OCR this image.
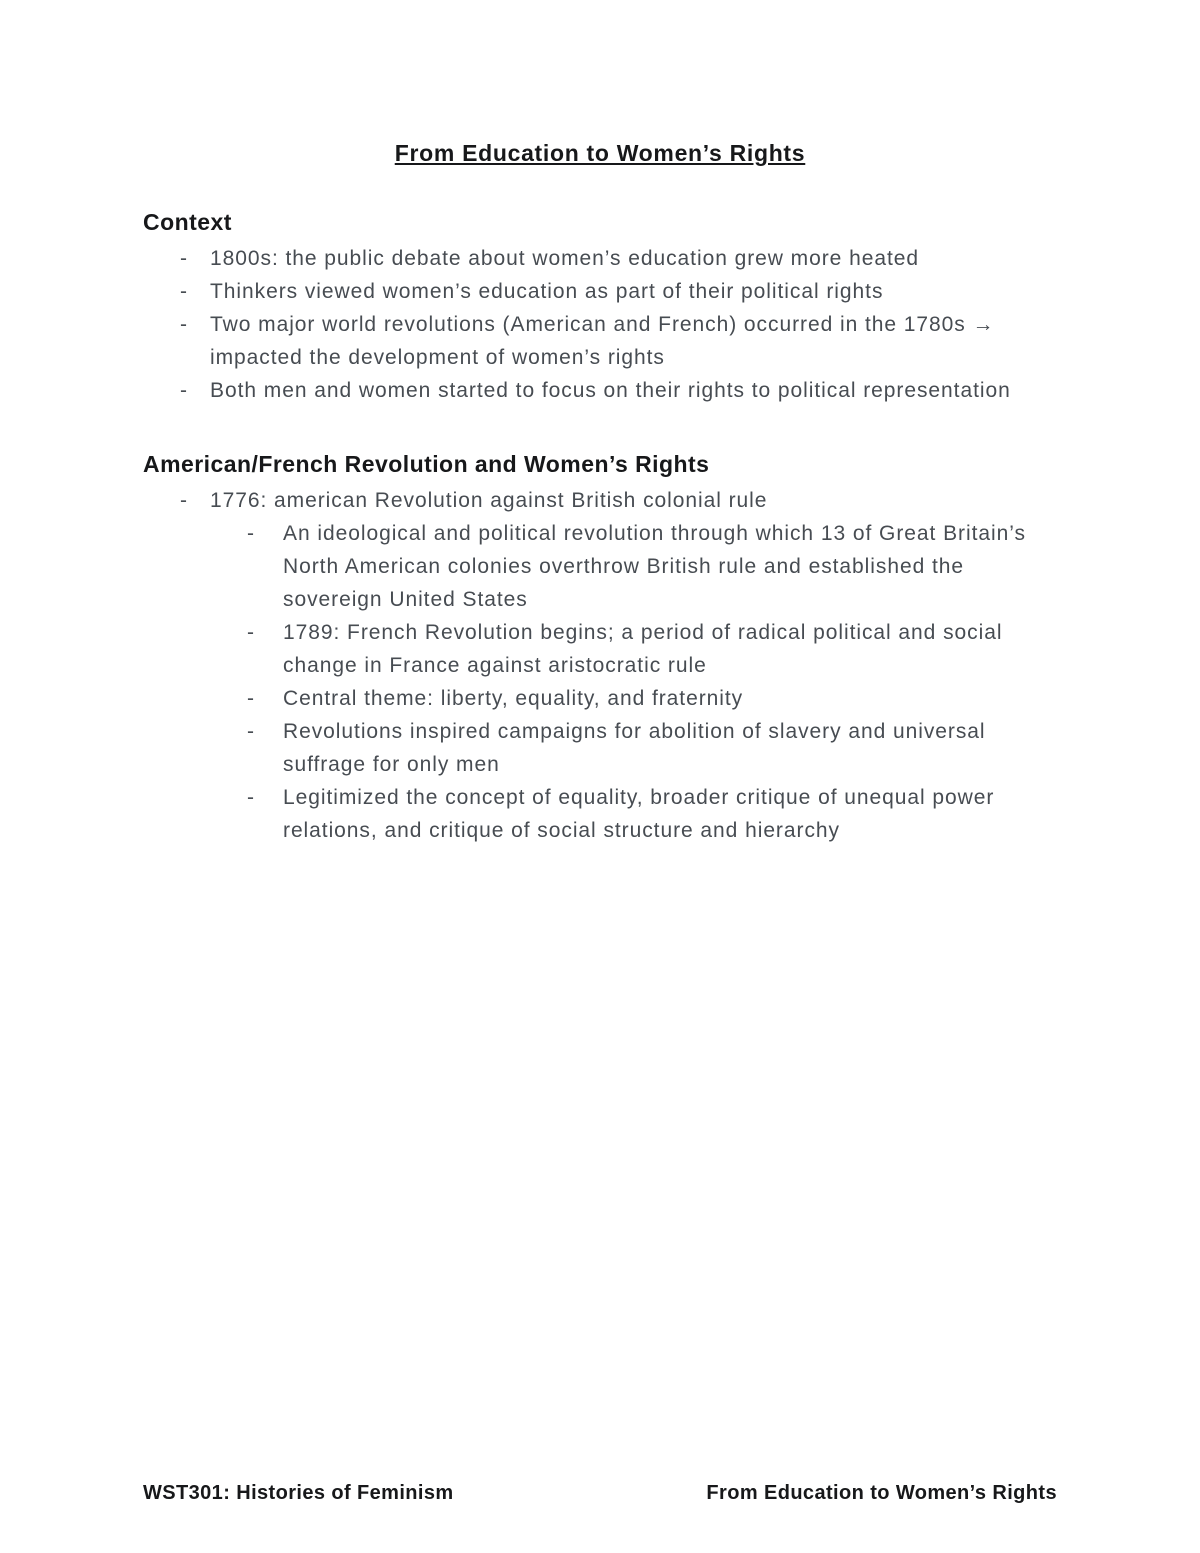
From Education to Women’s Rights
Context
- 1800s: the public debate about women’s education grew more heated
- Thinkers viewed women’s education as part of their political rights
- Two major world revolutions (American and French) occurred in the 1780s → impacted the development of women’s rights
- Both men and women started to focus on their rights to political representation
American/French Revolution and Women’s Rights
- 1776: american Revolution against British colonial rule
- An ideological and political revolution through which 13 of Great Britain’s North American colonies overthrow British rule and established the sovereign United States
- 1789: French Revolution begins; a period of radical political and social change in France against aristocratic rule
- Central theme: liberty, equality, and fraternity
- Revolutions inspired campaigns for abolition of slavery and universal suffrage for only men
- Legitimized the concept of equality, broader critique of unequal power relations, and critique of social structure and hierarchy
WST301: Histories of Feminism	From Education to Women’s Rights
